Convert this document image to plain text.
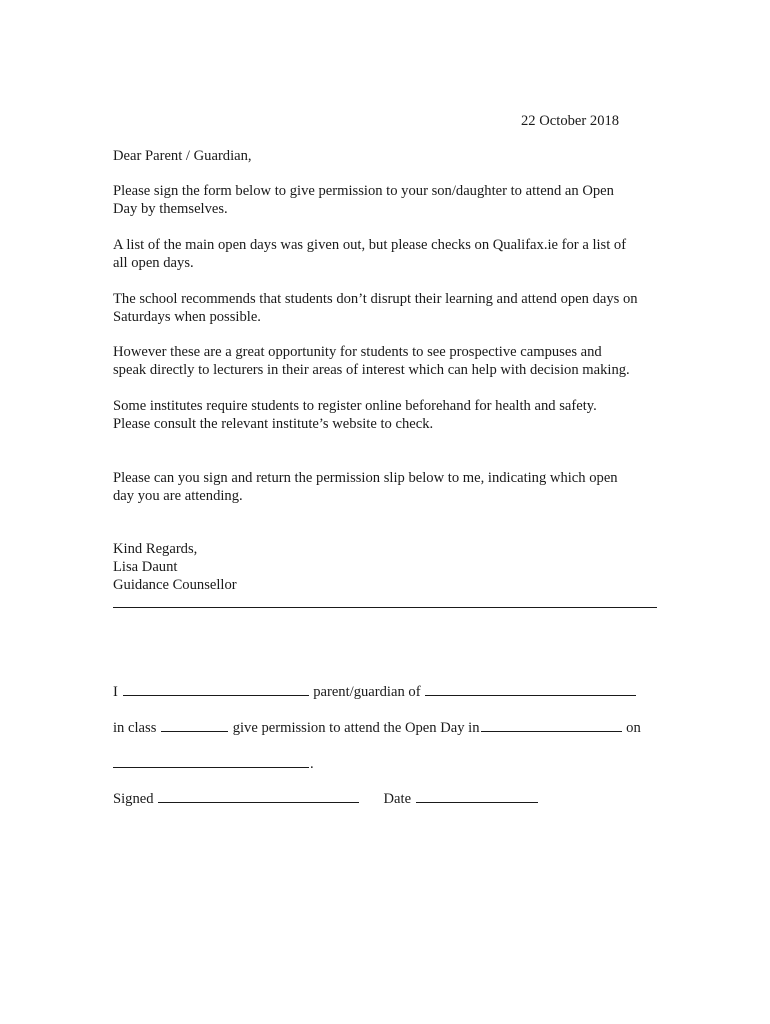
22 October 2018
Dear Parent / Guardian,
Please sign the form below to give permission to your son/daughter to attend an Open
Day by themselves.
A list of the main open days was given out, but please checks on Qualifax.ie for a list of
all open days.
The school recommends that students don’t disrupt their learning and attend open days on
Saturdays when possible.
However these are a great opportunity for students to see prospective campuses and
speak directly to lecturers in their areas of interest which can help with decision making.
Some institutes require students to register online beforehand for health and safety.
Please consult the relevant institute’s website to check.
Please can you sign and return the permission slip below to me, indicating which open
day you are attending.
Kind Regards,
Lisa Daunt
Guidance Counsellor
I	parent/guardian of
in class	give permission to attend the Open Day in	on
.
Signed	Date
